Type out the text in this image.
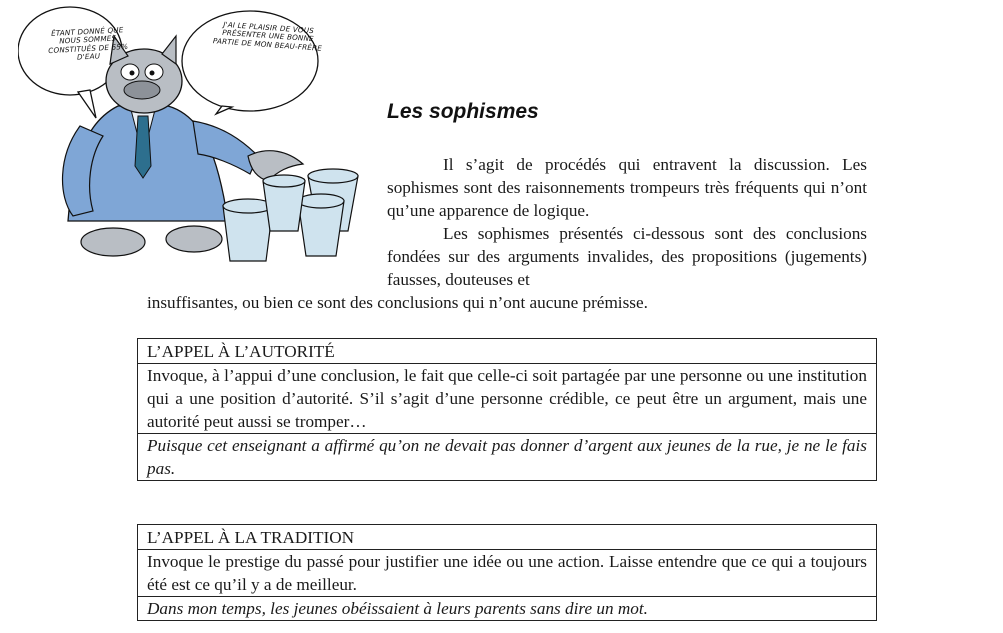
ÉTANT DONNÉ QUE NOUS SOMMES CONSTITUÉS DE 65% D'EAU
J'AI LE PLAISIR DE VOUS PRÉSENTER UNE BONNE PARTIE DE MON BEAU-FRÈRE
Les sophismes

Il s’agit de procédés qui entravent la discussion. Les sophismes sont des raisonnements trompeurs très fréquents qui n’ont qu’une apparence de logique.
Les sophismes présentés ci-dessous sont des conclusions fondées sur des arguments invalides, des propositions (jugements) fausses, douteuses et
insuffisantes, ou bien ce sont des conclusions qui n’ont aucune prémisse.

L’APPEL À L’AUTORITÉ
Invoque, à l’appui d’une conclusion, le fait que celle-ci soit partagée par une personne ou une institution qui a une position d’autorité. S’il s’agit d’une personne crédible, ce peut être un argument, mais une autorité peut aussi se tromper…
Puisque cet enseignant a affirmé qu’on ne devait pas donner d’argent aux jeunes de la rue, je ne le fais pas.
L’APPEL À LA TRADITION
Invoque le prestige du passé pour justifier une idée ou une action. Laisse entendre que ce qui a toujours été est ce qu’il y a de meilleur.
Dans mon temps, les jeunes obéissaient à leurs parents sans dire un mot.
